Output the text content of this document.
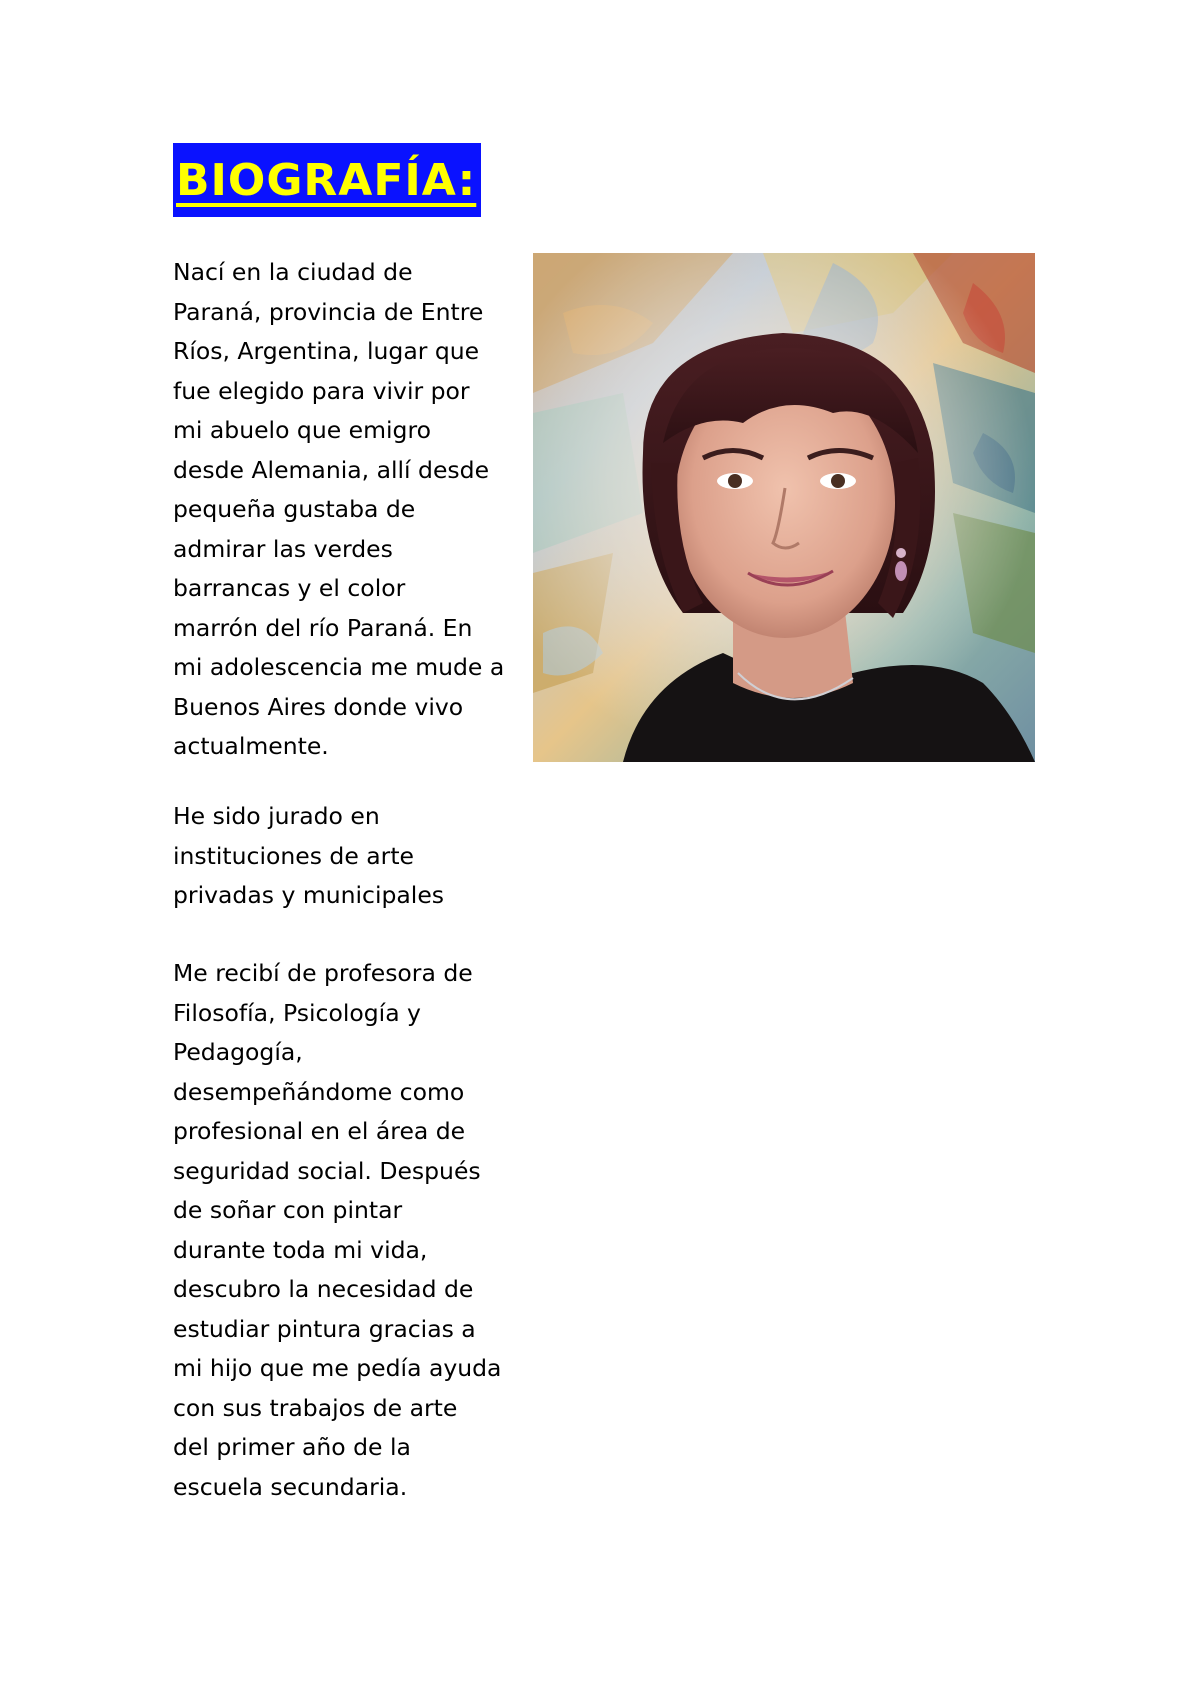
BIOGRAFÍA:

Nací en la ciudad de
Paraná, provincia de Entre
Ríos, Argentina, lugar que
fue elegido para vivir por
mi abuelo que emigro
desde Alemania, allí desde
pequeña gustaba de
admirar las verdes
barrancas y el color
marrón del río Paraná. En
mi adolescencia me mude a
Buenos Aires donde vivo
actualmente.

He sido jurado en
instituciones de arte
privadas y municipales

Me recibí de profesora de
Filosofía, Psicología y
Pedagogía,
desempeñándome como
profesional en el área de
seguridad social. Después
de soñar con pintar
durante toda mi vida,
descubro la necesidad de
estudiar pintura gracias a
mi hijo que me pedía ayuda
con sus trabajos de arte
del primer año de la
escuela secundaria.
